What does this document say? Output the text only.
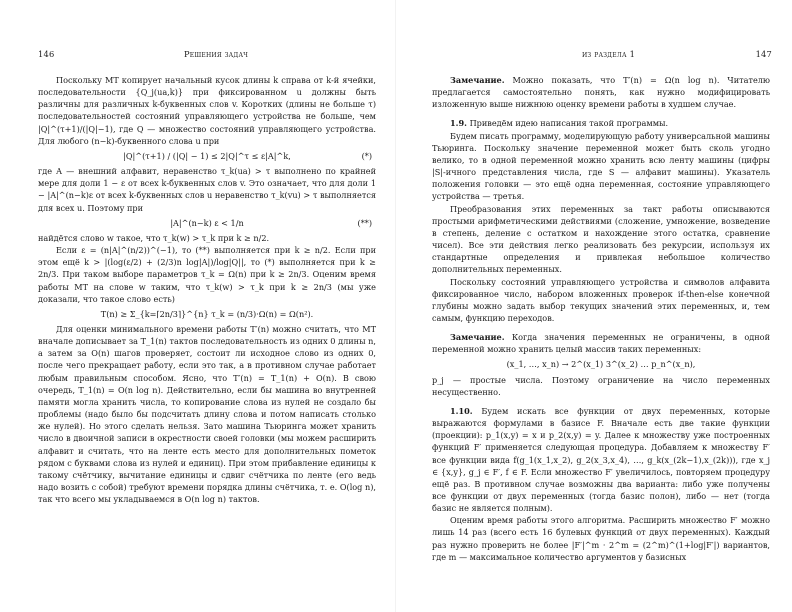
146	Решения задач

Поскольку МТ копирует начальный кусок длины k справа от k-й ячейки, последовательности {Q_j(ua,k)} при фиксированном u должны быть различны для различных k-буквенных слов v. Коротких (длины не больше τ) последовательностей состояний управляющего устройства не больше, чем |Q|^(τ+1)/(|Q|−1), где Q — множество состояний управляющего устройства. Для любого (n−k)-буквенного слова u при

|Q|^(τ+1) / (|Q| − 1) ≤ 2|Q|^τ ≤ ε|A|^k,	(*)

где A — внешний алфавит, неравенство τ_k(ua) > τ выполнено по крайней мере для доли 1 − ε от всех k-буквенных слов v. Это означает, что для доли 1 − |A|^(n−k)ε от всех k-буквенных слов u неравенство τ_k(vu) > τ выполняется для всех u. Поэтому при

|A|^(n−k) ε < 1/n	(**)

найдётся слово w такое, что τ_k(w) > τ_k при k ≥ n/2.

Если ε = (n|A|^(n/2))^(−1), то (**) выполняется при k ≥ n/2. Если при этом ещё k > |(log(ε/2) + (2/3)n log|A|)/log|Q||, то (*) выполняется при k ≥ 2n/3. При таком выборе параметров τ_k = Ω(n) при k ≥ 2n/3. Оценим время работы МТ на слове w таким, что τ_k(w) > τ_k при k ≥ 2n/3 (мы уже доказали, что такое слово есть)

T(n) ≥ Σ_{k=⌈2n/3⌉}^{n} τ_k = (n/3)·Ω(n) = Ω(n²).

Для оценки минимального времени работы T′(n) можно считать, что МТ вначале дописывает за T_1(n) тактов последовательность из одних 0 длины n, а затем за O(n) шагов проверяет, состоит ли исходное слово из одних 0, после чего прекращает работу, если это так, а в противном случае работает любым правильным способом. Ясно, что T′(n) = T_1(n) + O(n). В свою очередь, T_1(n) = O(n log n). Действительно, если бы машина во внутренней памяти могла хранить числа, то копирование слова из нулей не создало бы проблемы (надо было бы подсчитать длину слова и потом написать столько же нулей). Но этого сделать нельзя. Зато машина Тьюринга может хранить число в двоичной записи в окрестности своей головки (мы можем расширить алфавит и считать, что на ленте есть место для дополнительных пометок рядом с буквами слова из нулей и единиц). При этом прибавление единицы к такому счётчику, вычитание единицы и сдвиг счётчика по ленте (его ведь надо возить с собой) требуют времени порядка длины счётчика, т. е. O(log n), так что всего мы укладываемся в O(n log n) тактов.

из раздела 1	147

Замечание. Можно показать, что T′(n) = Ω(n log n). Читателю предлагается самостоятельно понять, как нужно модифицировать изложенную выше нижнюю оценку времени работы в худшем случае.

1.9. Приведём идею написания такой программы.

Будем писать программу, моделирующую работу универсальной машины Тьюринга. Поскольку значение переменной может быть сколь угодно велико, то в одной переменной можно хранить всю ленту машины (цифры |S|-ичного представления числа, где S — алфавит машины). Указатель положения головки — это ещё одна переменная, состояние управляющего устройства — третья.

Преобразования этих переменных за такт работы описываются простыми арифметическими действиями (сложение, умножение, возведение в степень, деление с остатком и нахождение этого остатка, сравнение чисел). Все эти действия легко реализовать без рекурсии, используя их стандартные определения и привлекая небольшое количество дополнительных переменных.

Поскольку состояний управляющего устройства и символов алфавита фиксированное число, набором вложенных проверок if-then-else конечной глубины можно задать выбор текущих значений этих переменных, и, тем самым, функцию переходов.

Замечание. Когда значения переменных не ограничены, в одной переменной можно хранить целый массив таких переменных:

(x_1, …, x_n) → 2^(x_1) 3^(x_2) … p_n^(x_n),

p_j — простые числа. Поэтому ограничение на число переменных несущественно.

1.10. Будем искать все функции от двух переменных, которые выражаются формулами в базисе F. Вначале есть две такие функции (проекции): p_1(x,y) = x и p_2(x,y) = y. Далее к множеству уже построенных функций F′ применяется следующая процедура. Добавляем к множеству F′ все функции вида f(g_1(x_1,x_2), g_2(x_3,x_4), …, g_k(x_(2k−1),x_(2k))), где x_j ∈ {x,y}, g_j ∈ F′, f ∈ F. Если множество F′ увеличилось, повторяем процедуру ещё раз. В противном случае возможны два варианта: либо уже получены все функции от двух переменных (тогда базис полон), либо — нет (тогда базис не является полным).

Оценим время работы этого алгоритма. Расширить множество F′ можно лишь 14 раз (всего есть 16 булевых функций от двух переменных). Каждый раз нужно проверить не более |F′|^m · 2^m = (2^m)^(1+log|F′|) вариантов, где m — максимальное количество аргументов у базисных
